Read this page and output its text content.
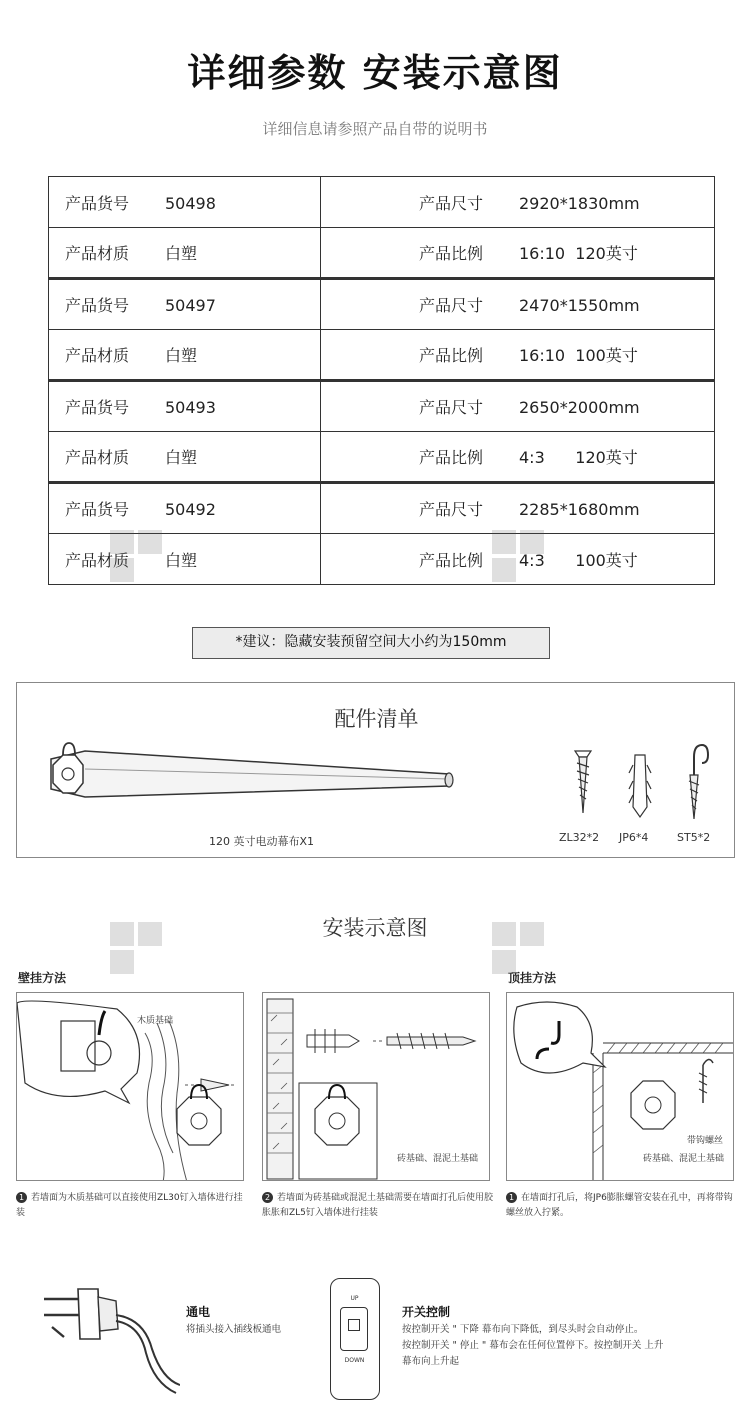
详细参数 安装示意图
详细信息请参照产品自带的说明书
产品货号 50498	产品尺寸 2920*1830mm
产品材质 白塑	产品比例 16:10  120英寸
产品货号 50497	产品尺寸 2470*1550mm
产品材质 白塑	产品比例 16:10  100英寸
产品货号 50493	产品尺寸 2650*2000mm
产品材质 白塑	产品比例 4:3      120英寸
产品货号 50492	产品尺寸 2285*1680mm
产品材质 白塑	产品比例 4:3      100英寸
*建议：隐藏安装预留空间大小约为150mm
配件清单
120 英寸电动幕布X1	ZL32*2 JP6*4	ST5*2
安装示意图
壁挂方法	顶挂方法
木质基础
砖基础、混泥土基础
带钩螺丝
砖基础、混泥土基础
1 若墙面为木质基础可以直接使用ZL30钉入墙体进行挂装
2 若墙面为砖基础或混泥土基础需要在墙面打孔后使用胶胀胀和ZL5钉入墙体进行挂装
1 在墙面打孔后，将JP6膨胀螺管安装在孔中，再将带钩螺丝放入拧紧。
通电
将插头接入插线板通电
UP
DOWN
开关控制
按控制开关 " 下降 幕布向下降低，到尽头时会自动停止。
按控制开关 " 停止 " 幕布会在任何位置停下。按控制开关 上升
幕布向上升起
